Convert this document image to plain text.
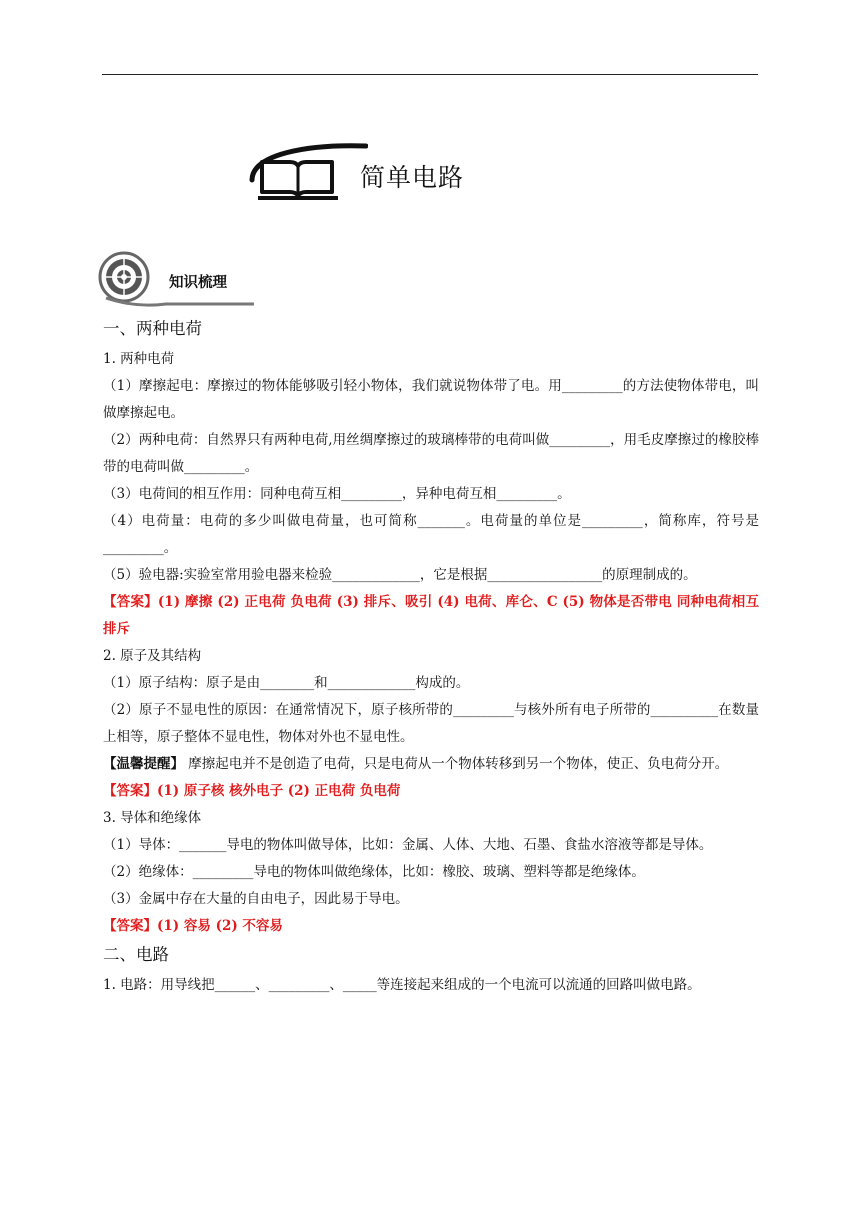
简单电路
知识梳理
一、两种电荷

1. 两种电荷

（1）摩擦起电：摩擦过的物体能够吸引轻小物体，我们就说物体带了电。用_________的方法使物体带电，叫做摩擦起电。

（2）两种电荷：自然界只有两种电荷,用丝绸摩擦过的玻璃棒带的电荷叫做_________，用毛皮摩擦过的橡胶棒带的电荷叫做_________。

（3）电荷间的相互作用：同种电荷互相_________，异种电荷互相_________。

（4）电荷量：电荷的多少叫做电荷量，也可简称_______。电荷量的单位是_________，简称库，符号是_________。

（5）验电器:实验室常用验电器来检验_____________，它是根据_________________的原理制成的。

【答案】(1) 摩擦 (2) 正电荷 负电荷 (3) 排斥、吸引 (4) 电荷、库仑、C (5) 物体是否带电 同种电荷相互排斥

2. 原子及其结构

（1）原子结构：原子是由________和_____________构成的。

（2）原子不显电性的原因：在通常情况下，原子核所带的_________与核外所有电子所带的__________在数量上相等，原子整体不显电性，物体对外也不显电性。

【温馨提醒】 摩擦起电并不是创造了电荷，只是电荷从一个物体转移到另一个物体，使正、负电荷分开。

【答案】(1) 原子核 核外电子 (2) 正电荷 负电荷

3. 导体和绝缘体

（1）导体：_______导电的物体叫做导体，比如：金属、人体、大地、石墨、食盐水溶液等都是导体。

（2）绝缘体：_________导电的物体叫做绝缘体，比如：橡胶、玻璃、塑料等都是绝缘体。

（3）金属中存在大量的自由电子，因此易于导电。

【答案】(1) 容易 (2) 不容易

二、电路

1. 电路：用导线把______、_________、_____等连接起来组成的一个电流可以流通的回路叫做电路。
